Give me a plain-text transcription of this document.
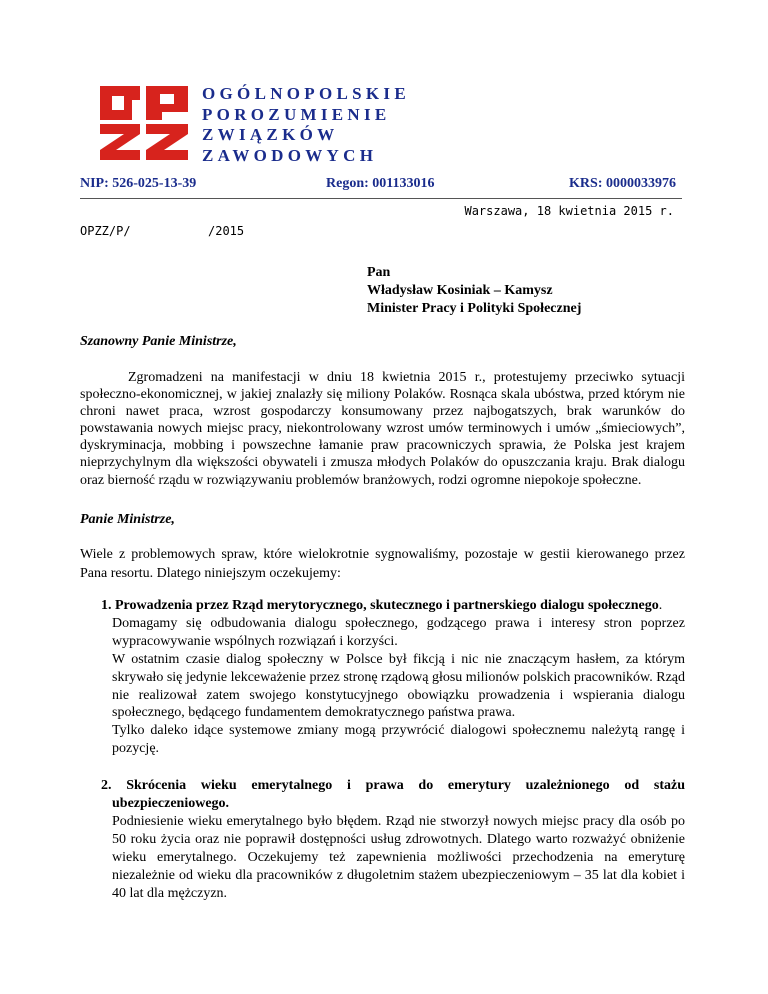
OGÓLNOPOLSKIE
POROZUMIENIE
ZWIĄZKÓW
ZAWODOWYCH
NIP: 526-025-13-39	Regon: 001133016	KRS: 0000033976
Warszawa, 18 kwietnia 2015 r.
OPZZ/P/	/2015
Pan
Władysław Kosiniak – Kamysz
Minister Pracy i Polityki Społecznej
Szanowny Panie Ministrze,
Zgromadzeni na manifestacji w dniu 18 kwietnia 2015 r., protestujemy przeciwko sytuacji społeczno-ekonomicznej, w jakiej znalazły się miliony Polaków. Rosnąca skala ubóstwa, przed którym nie chroni nawet praca, wzrost gospodarczy konsumowany przez najbogatszych, brak warunków do powstawania nowych miejsc pracy, niekontrolowany wzrost umów terminowych i umów „śmieciowych”, dyskryminacja, mobbing i powszechne łamanie praw pracowniczych sprawia, że Polska jest krajem nieprzychylnym dla większości obywateli i zmusza młodych Polaków do opuszczania kraju. Brak dialogu oraz bierność rządu w rozwiązywaniu problemów branżowych, rodzi ogromne niepokoje społeczne.
Panie Ministrze,
Wiele z problemowych spraw, które wielokrotnie sygnowaliśmy, pozostaje w gestii kierowanego przez Pana resortu. Dlatego niniejszym oczekujemy:
1. Prowadzenia przez Rząd merytorycznego, skutecznego i partnerskiego dialogu społecznego.
Domagamy się odbudowania dialogu społecznego, godzącego prawa i interesy stron poprzez wypracowywanie wspólnych rozwiązań i korzyści.
W ostatnim czasie dialog społeczny w Polsce był fikcją i nic nie znaczącym hasłem, za którym skrywało się jedynie lekceważenie przez stronę rządową głosu milionów polskich pracowników. Rząd nie realizował zatem swojego konstytucyjnego obowiązku prowadzenia i wspierania dialogu społecznego, będącego fundamentem demokratycznego państwa prawa.
Tylko daleko idące systemowe zmiany mogą przywrócić dialogowi społecznemu należytą rangę i pozycję.
2. Skrócenia wieku emerytalnego i prawa do emerytury uzależnionego od stażu ubezpieczeniowego.
Podniesienie wieku emerytalnego było błędem. Rząd nie stworzył nowych miejsc pracy dla osób po 50 roku życia oraz nie poprawił dostępności usług zdrowotnych. Dlatego warto rozważyć obniżenie wieku emerytalnego. Oczekujemy też zapewnienia możliwości przechodzenia na emeryturę niezależnie od wieku dla pracowników z długoletnim stażem ubezpieczeniowym – 35 lat dla kobiet i 40 lat dla mężczyzn.
